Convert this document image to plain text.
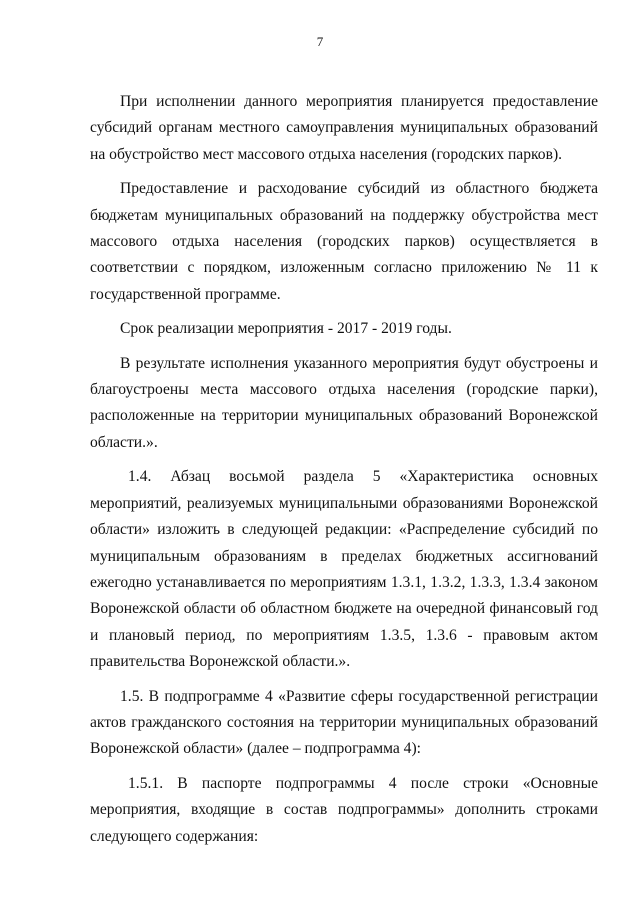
7

При исполнении данного мероприятия планируется предоставление субсидий органам местного самоуправления муниципальных образований на обустройство мест массового отдыха населения (городских парков).

Предоставление и расходование субсидий из областного бюджета бюджетам муниципальных образований на поддержку обустройства мест массового отдыха населения (городских парков) осуществляется в соответствии с порядком, изложенным согласно приложению № 11 к государственной программе.

Срок реализации мероприятия - 2017 - 2019 годы.

В результате исполнения указанного мероприятия будут обустроены и благоустроены места массового отдыха населения (городские парки), расположенные на территории муниципальных образований Воронежской области.».

1.4. Абзац восьмой раздела 5 «Характеристика основных мероприятий, реализуемых муниципальными образованиями Воронежской области» изложить в следующей редакции: «Распределение субсидий по муниципальным образованиям в пределах бюджетных ассигнований ежегодно устанавливается по мероприятиям 1.3.1, 1.3.2, 1.3.3, 1.3.4 законом Воронежской области об областном бюджете на очередной финансовый год и плановый период, по мероприятиям 1.3.5, 1.3.6 - правовым актом правительства Воронежской области.».

1.5. В подпрограмме 4 «Развитие сферы государственной регистрации актов гражданского состояния на территории муниципальных образований Воронежской области» (далее – подпрограмма 4):

1.5.1. В паспорте подпрограммы 4 после строки «Основные мероприятия, входящие в состав подпрограммы» дополнить строками следующего содержания:
